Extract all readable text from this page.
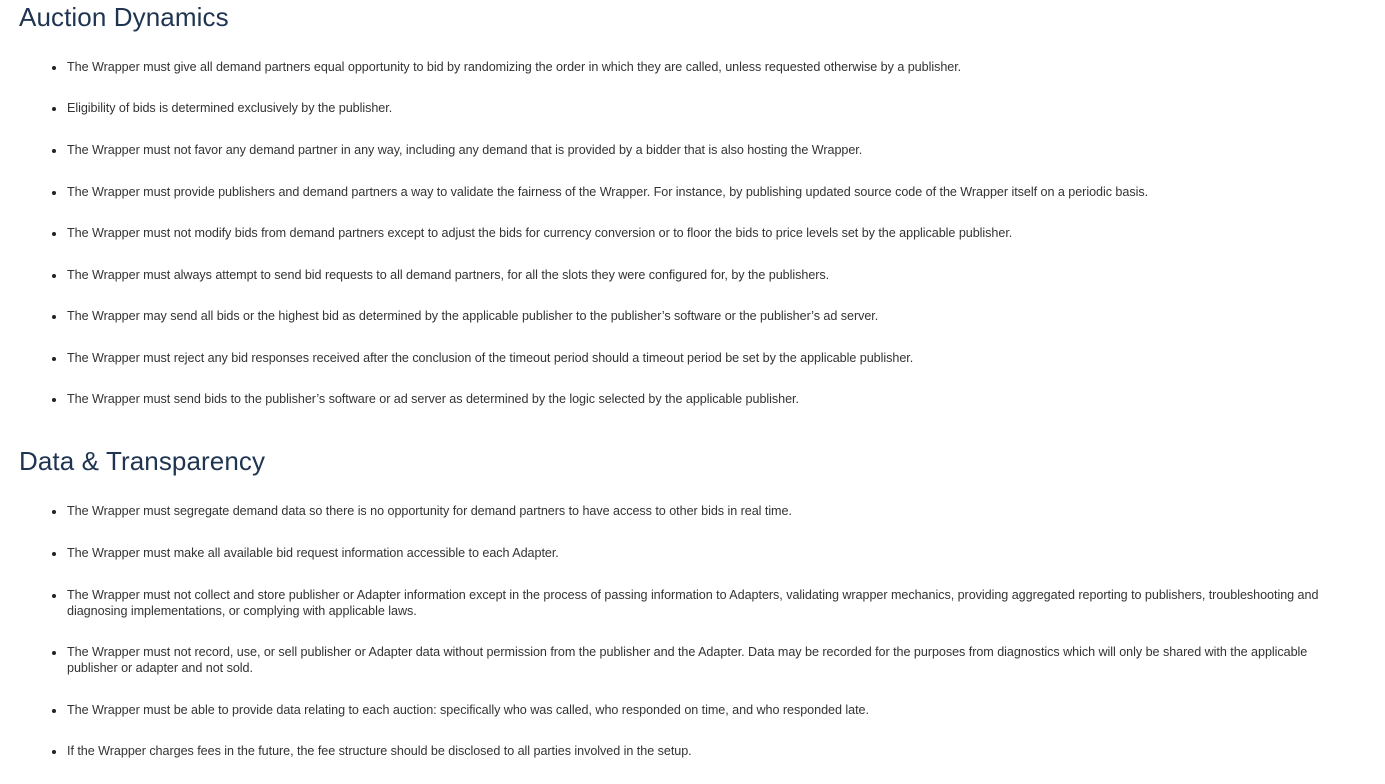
Auction Dynamics
The Wrapper must give all demand partners equal opportunity to bid by randomizing the order in which they are called, unless requested otherwise by a publisher.
Eligibility of bids is determined exclusively by the publisher.
The Wrapper must not favor any demand partner in any way, including any demand that is provided by a bidder that is also hosting the Wrapper.
The Wrapper must provide publishers and demand partners a way to validate the fairness of the Wrapper. For instance, by publishing updated source code of the Wrapper itself on a periodic basis.
The Wrapper must not modify bids from demand partners except to adjust the bids for currency conversion or to floor the bids to price levels set by the applicable publisher.
The Wrapper must always attempt to send bid requests to all demand partners, for all the slots they were configured for, by the publishers.
The Wrapper may send all bids or the highest bid as determined by the applicable publisher to the publisher’s software or the publisher’s ad server.
The Wrapper must reject any bid responses received after the conclusion of the timeout period should a timeout period be set by the applicable publisher.
The Wrapper must send bids to the publisher’s software or ad server as determined by the logic selected by the applicable publisher.
Data & Transparency
The Wrapper must segregate demand data so there is no opportunity for demand partners to have access to other bids in real time.
The Wrapper must make all available bid request information accessible to each Adapter.
The Wrapper must not collect and store publisher or Adapter information except in the process of passing information to Adapters, validating wrapper mechanics, providing aggregated reporting to publishers, troubleshooting and diagnosing implementations, or complying with applicable laws.
The Wrapper must not record, use, or sell publisher or Adapter data without permission from the publisher and the Adapter. Data may be recorded for the purposes from diagnostics which will only be shared with the applicable publisher or adapter and not sold.
The Wrapper must be able to provide data relating to each auction: specifically who was called, who responded on time, and who responded late.
If the Wrapper charges fees in the future, the fee structure should be disclosed to all parties involved in the setup.
